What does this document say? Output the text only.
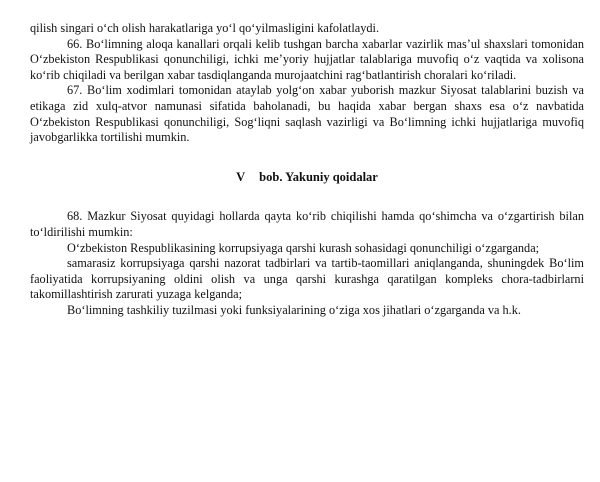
qilish singari o‘ch olish harakatlariga yo‘l qo‘yilmasligini kafolatlaydi.

66. Bo‘limning aloqa kanallari orqali kelib tushgan barcha xabarlar vazirlik mas’ul shaxslari tomonidan O‘zbekiston Respublikasi qonunchiligi, ichki me’yoriy hujjatlar talablariga muvofiq o‘z vaqtida va xolisona ko‘rib chiqiladi va berilgan xabar tasdiqlanganda murojaatchini rag‘batlantirish choralari ko‘riladi.

67. Bo‘lim xodimlari tomonidan ataylab yolg‘on xabar yuborish mazkur Siyosat talablarini buzish va etikaga zid xulq-atvor namunasi sifatida baholanadi, bu haqida xabar bergan shaxs esa o‘z navbatida O‘zbekiston Respublikasi qonunchiligi, Sog‘liqni saqlash vazirligi va Bo‘limning ichki hujjatlariga muvofiq javobgarlikka tortilishi mumkin.

V bob. Yakuniy qoidalar

68. Mazkur Siyosat quyidagi hollarda qayta ko‘rib chiqilishi hamda qo‘shimcha va o‘zgartirish bilan to‘ldirilishi mumkin:

O‘zbekiston Respublikasining korrupsiyaga qarshi kurash sohasidagi qonunchiligi o‘zgarganda;

samarasiz korrupsiyaga qarshi nazorat tadbirlari va tartib-taomillari aniqlanganda, shuningdek Bo‘lim faoliyatida korrupsiyaning oldini olish va unga qarshi kurashga qaratilgan kompleks chora-tadbirlarni takomillashtirish zarurati yuzaga kelganda;

Bo‘limning tashkiliy tuzilmasi yoki funksiyalarining o‘ziga xos jihatlari o‘zgarganda va h.k.
